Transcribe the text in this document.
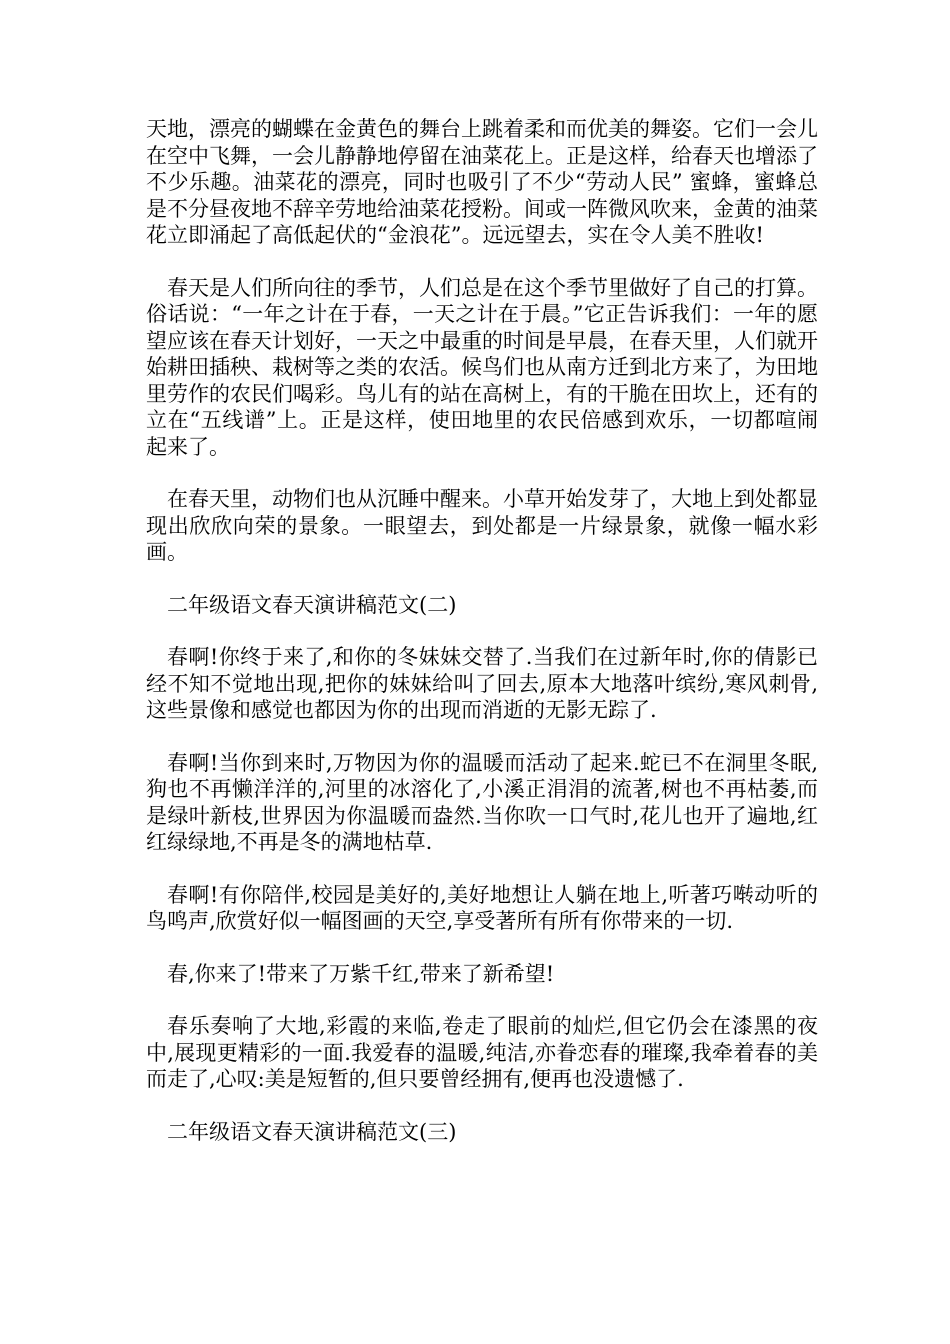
天地，漂亮的蝴蝶在金黄色的舞台上跳着柔和而优美的舞姿。它们一会儿在空中飞舞，一会儿静静地停留在油菜花上。正是这样，给春天也增添了不少乐趣。油菜花的漂亮，同时也吸引了不少“劳动人民” 蜜蜂，蜜蜂总是不分昼夜地不辞辛劳地给油菜花授粉。间或一阵微风吹来，金黄的油菜花立即涌起了高低起伏的“金浪花”。远远望去，实在令人美不胜收!

春天是人们所向往的季节，人们总是在这个季节里做好了自己的打算。俗话说：“一年之计在于春，一天之计在于晨。”它正告诉我们：一年的愿望应该在春天计划好，一天之中最重的时间是早晨，在春天里，人们就开始耕田插秧、栽树等之类的农活。候鸟们也从南方迁到北方来了，为田地里劳作的农民们喝彩。鸟儿有的站在高树上，有的干脆在田坎上，还有的立在“五线谱”上。正是这样，使田地里的农民倍感到欢乐，一切都喧闹起来了。

在春天里，动物们也从沉睡中醒来。小草开始发芽了，大地上到处都显现出欣欣向荣的景象。一眼望去，到处都是一片绿景象，就像一幅水彩画。

二年级语文春天演讲稿范文(二)

春啊!你终于来了,和你的冬妹妹交替了.当我们在过新年时,你的倩影已经不知不觉地出现,把你的妹妹给叫了回去,原本大地落叶缤纷,寒风刺骨,这些景像和感觉也都因为你的出现而消逝的无影无踪了.

春啊!当你到来时,万物因为你的温暖而活动了起来.蛇已不在洞里冬眠,狗也不再懒洋洋的,河里的冰溶化了,小溪正涓涓的流著,树也不再枯萎,而是绿叶新枝,世界因为你温暖而盎然.当你吹一口气时,花儿也开了遍地,红红绿绿地,不再是冬的满地枯草.

春啊!有你陪伴,校园是美好的,美好地想让人躺在地上,听著巧啭动听的鸟鸣声,欣赏好似一幅图画的天空,享受著所有所有你带来的一切.

春,你来了!带来了万紫千红,带来了新希望!

春乐奏响了大地,彩霞的来临,卷走了眼前的灿烂,但它仍会在漆黑的夜中,展现更精彩的一面.我爱春的温暖,纯洁,亦眷恋春的璀璨,我牵着春的美而走了,心叹:美是短暂的,但只要曾经拥有,便再也没遗憾了.

二年级语文春天演讲稿范文(三)
